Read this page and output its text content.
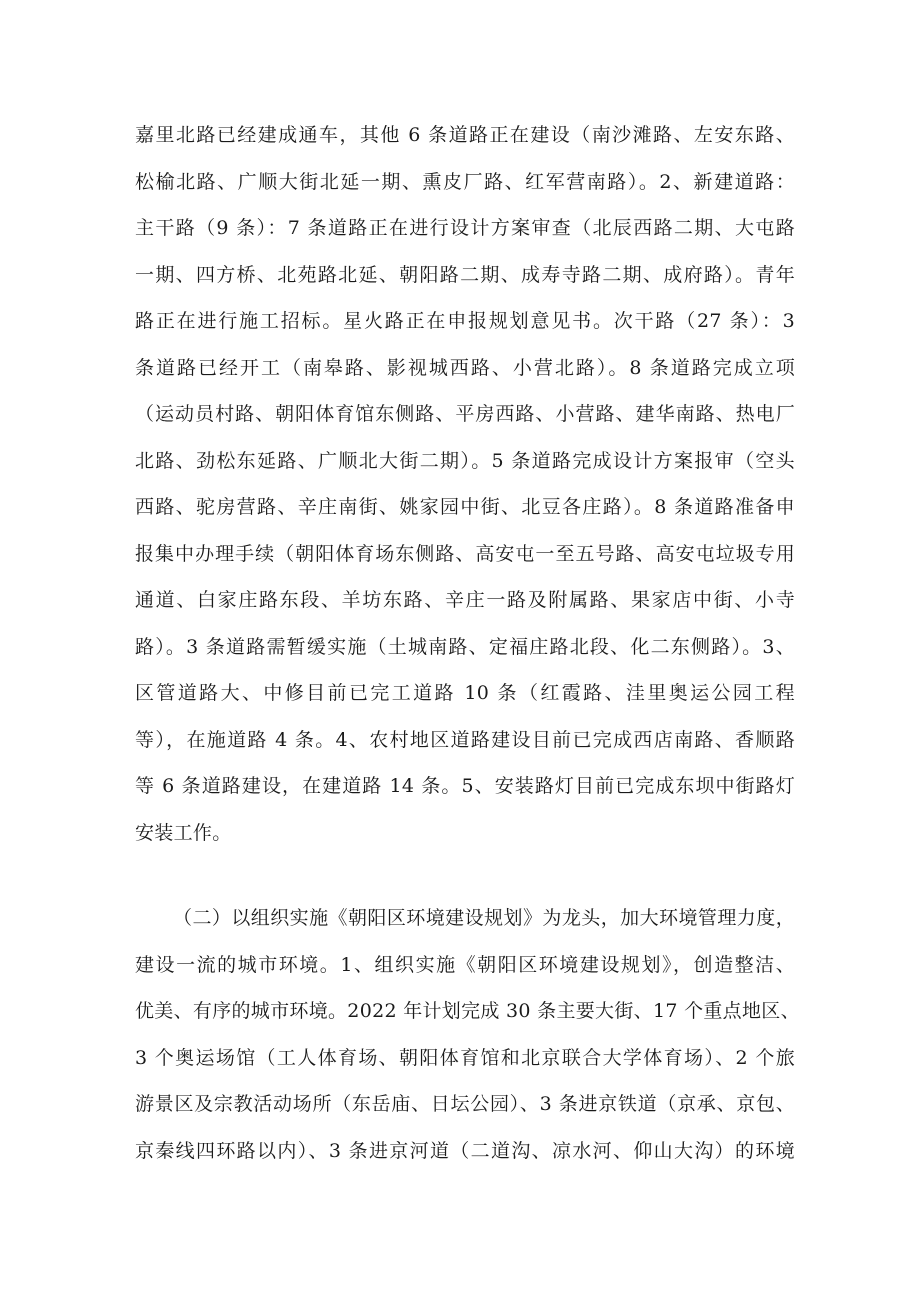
嘉里北路已经建成通车，其他 6 条道路正在建设（南沙滩路、左安东路、
松榆北路、广顺大街北延一期、熏皮厂路、红军营南路）。2、新建道路：
主干路（9 条）：7 条道路正在进行设计方案审查（北辰西路二期、大屯路
一期、四方桥、北苑路北延、朝阳路二期、成寿寺路二期、成府路）。青年
路正在进行施工招标。星火路正在申报规划意见书。次干路（27 条）：3
条道路已经开工（南皋路、影视城西路、小营北路）。8 条道路完成立项
（运动员村路、朝阳体育馆东侧路、平房西路、小营路、建华南路、热电厂
北路、劲松东延路、广顺北大街二期）。5 条道路完成设计方案报审（空头
西路、驼房营路、辛庄南街、姚家园中街、北豆各庄路）。8 条道路准备申
报集中办理手续（朝阳体育场东侧路、高安屯一至五号路、高安屯垃圾专用
通道、白家庄路东段、羊坊东路、辛庄一路及附属路、果家店中街、小寺
路）。3 条道路需暂缓实施（土城南路、定福庄路北段、化二东侧路）。3、
区管道路大、中修目前已完工道路 10 条（红霞路、洼里奥运公园工程
等），在施道路 4 条。4、农村地区道路建设目前已完成西店南路、香顺路
等 6 条道路建设，在建道路 14 条。5、安装路灯目前已完成东坝中街路灯
安装工作。
（二）以组织实施《朝阳区环境建设规划》为龙头，加大环境管理力度，
建设一流的城市环境。1、组织实施《朝阳区环境建设规划》，创造整洁、
优美、有序的城市环境。2022 年计划完成 30 条主要大街、17 个重点地区、
3 个奥运场馆（工人体育场、朝阳体育馆和北京联合大学体育场）、2 个旅
游景区及宗教活动场所（东岳庙、日坛公园）、3 条进京铁道（京承、京包、
京秦线四环路以内）、3 条进京河道（二道沟、凉水河、仰山大沟）的环境
